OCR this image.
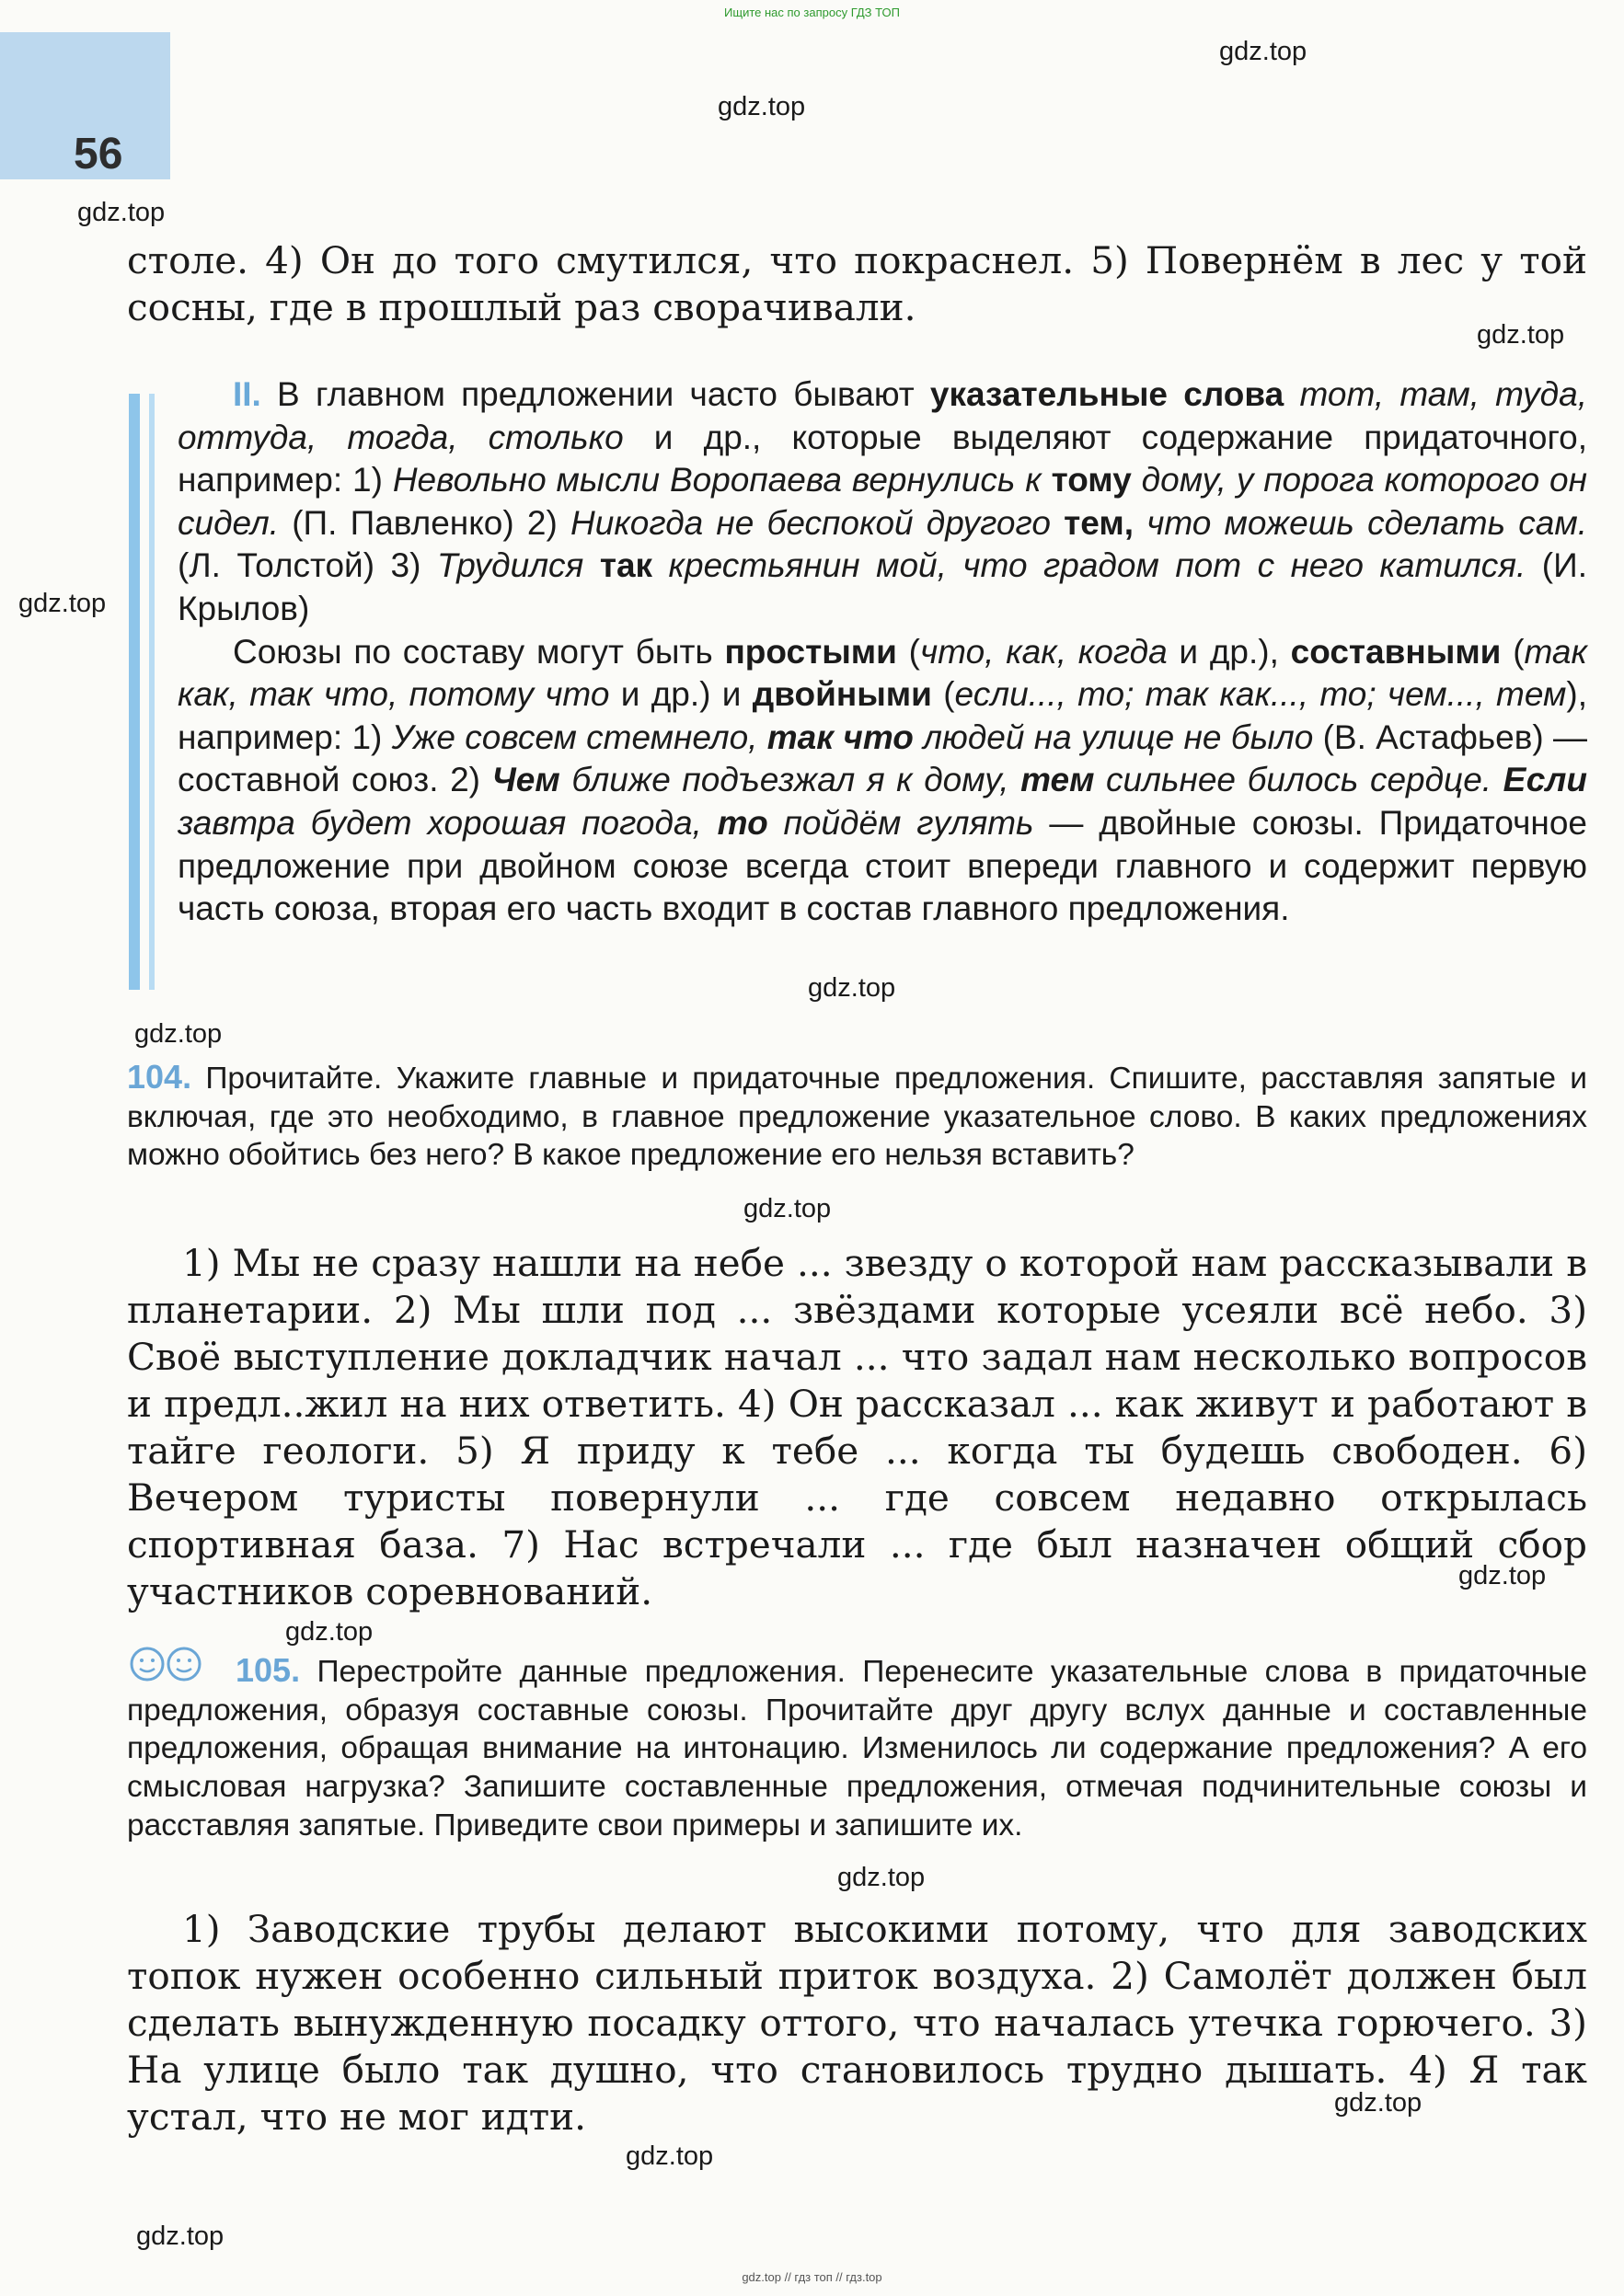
Ищите нас по запросу ГДЗ ТОП
56
gdz.top
gdz.top
gdz.top
gdz.top
gdz.top
gdz.top
gdz.top
gdz.top
gdz.top
gdz.top
gdz.top
gdz.top
gdz.top
gdz.top
столе. 4) Он до того смутился, что покраснел. 5) Повернём в лес у той сосны, где в прошлый раз сворачивали.

II. В главном предложении часто бывают указательные слова тот, там, туда, оттуда, тогда, столько и др., которые выделяют содержание придаточного, например: 1) Невольно мысли Воропаева вернулись к тому дому, у порога которого он сидел. (П. Павленко) 2) Никогда не беспокой другого тем, что можешь сделать сам. (Л. Толстой) 3) Трудился так крестьянин мой, что градом пот с него катился. (И. Крылов)

Союзы по составу могут быть простыми (что, как, когда и др.), составными (так как, так что, потому что и др.) и двойными (если..., то; так как..., то; чем..., тем), например: 1) Уже совсем стемнело, так что людей на улице не было (В. Астафьев) — составной союз. 2) Чем ближе подъезжал я к дому, тем сильнее билось сердце. Если завтра будет хорошая погода, то пойдём гулять — двойные союзы. Придаточное предложение при двойном союзе всегда стоит впереди главного и содержит первую часть союза, вторая его часть входит в состав главного предложения.

104. Прочитайте. Укажите главные и придаточные предложения. Спишите, расставляя запятые и включая, где это необходимо, в главное предложение указательное слово. В каких предложениях можно обойтись без него? В какое предложение его нельзя вставить?
1) Мы не сразу нашли на небе ... звезду о которой нам рассказывали в планетарии. 2) Мы шли под ... звёздами которые усеяли всё небо. 3) Своё выступление докладчик начал ... что задал нам несколько вопросов и предл..жил на них ответить. 4) Он рассказал ... как живут и работают в тайге геологи. 5) Я приду к тебе ... когда ты будешь свободен. 6) Вечером туристы повернули ... где совсем недавно открылась спортивная база. 7) Нас встречали ... где был назначен общий сбор участников соревнований.
105. Перестройте данные предложения. Перенесите указательные слова в придаточные предложения, образуя составные союзы. Прочитайте друг другу вслух данные и составленные предложения, обращая внимание на интонацию. Изменилось ли содержание предложения? А его смысловая нагрузка? Запишите составленные предложения, отмечая подчинительные союзы и расставляя запятые. Приведите свои примеры и запишите их.
1) Заводские трубы делают высокими потому, что для заводских топок нужен особенно сильный приток воздуха. 2) Самолёт должен был сделать вынужденную посадку оттого, что началась утечка горючего. 3) На улице было так душно, что становилось трудно дышать. 4) Я так устал, что не мог идти.
gdz.top // гдз топ // гдз.top
